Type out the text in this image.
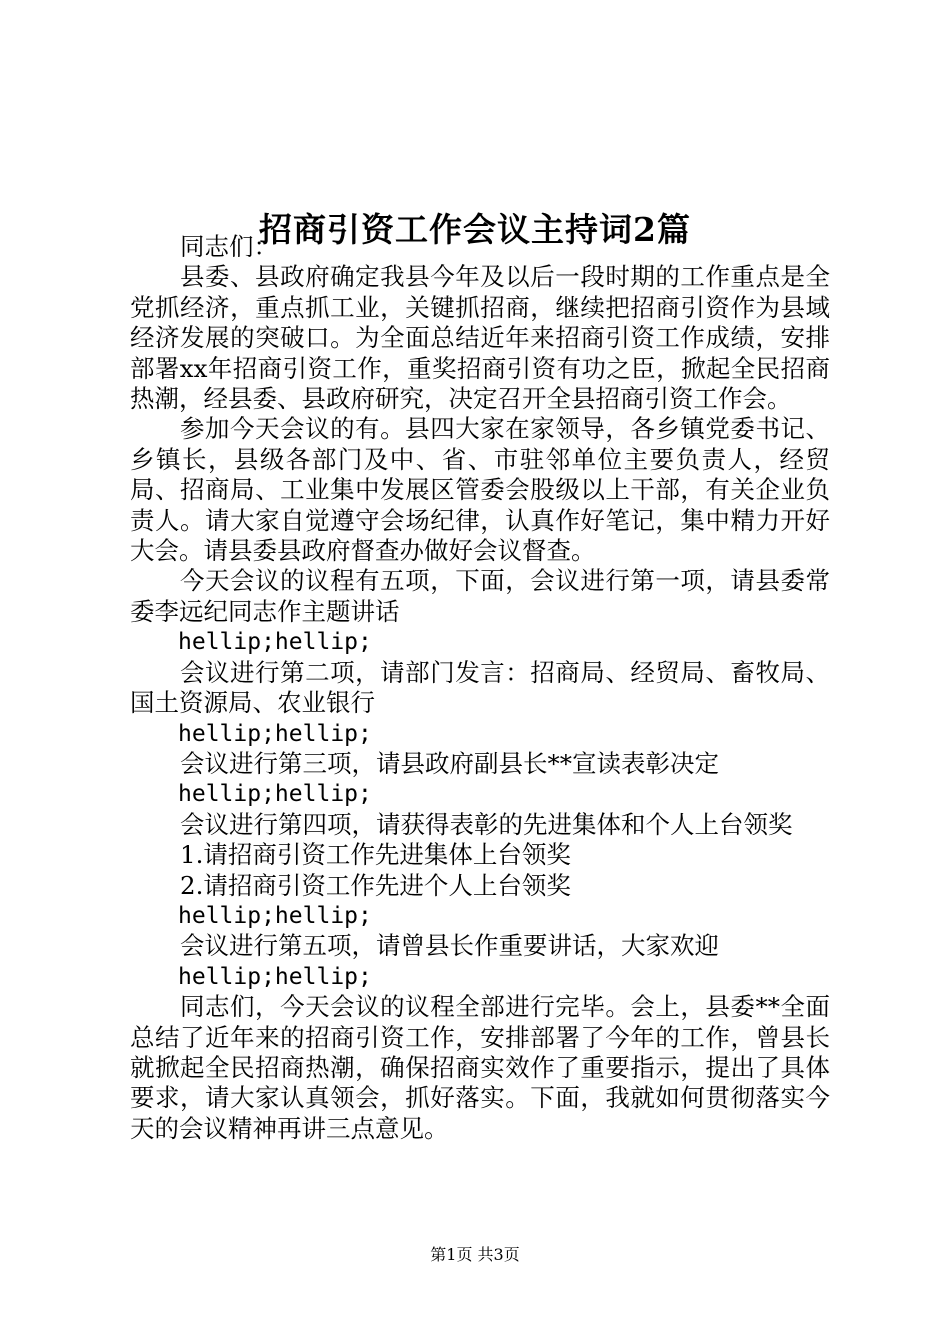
招商引资工作会议主持词2篇

同志们：

县委、县政府确定我县今年及以后一段时期的工作重点是全党抓经济，重点抓工业，关键抓招商，继续把招商引资作为县域经济发展的突破口。为全面总结近年来招商引资工作成绩，安排部署xx年招商引资工作，重奖招商引资有功之臣，掀起全民招商热潮，经县委、县政府研究，决定召开全县招商引资工作会。

参加今天会议的有。县四大家在家领导，各乡镇党委书记、乡镇长，县级各部门及中、省、市驻邻单位主要负责人，经贸局、招商局、工业集中发展区管委会股级以上干部，有关企业负责人。请大家自觉遵守会场纪律，认真作好笔记，集中精力开好大会。请县委县政府督查办做好会议督查。

今天会议的议程有五项，下面，会议进行第一项，请县委常委李远纪同志作主题讲话

hellip;hellip;

会议进行第二项，请部门发言：招商局、经贸局、畜牧局、国土资源局、农业银行

hellip;hellip;

会议进行第三项，请县政府副县长**宣读表彰决定

hellip;hellip;

会议进行第四项，请获得表彰的先进集体和个人上台领奖

1.请招商引资工作先进集体上台领奖

2.请招商引资工作先进个人上台领奖

hellip;hellip;

会议进行第五项，请曾县长作重要讲话，大家欢迎

hellip;hellip;

同志们，今天会议的议程全部进行完毕。会上，县委**全面总结了近年来的招商引资工作，安排部署了今年的工作，曾县长就掀起全民招商热潮，确保招商实效作了重要指示，提出了具体要求，请大家认真领会，抓好落实。下面，我就如何贯彻落实今天的会议精神再讲三点意见。

第1页 共3页
